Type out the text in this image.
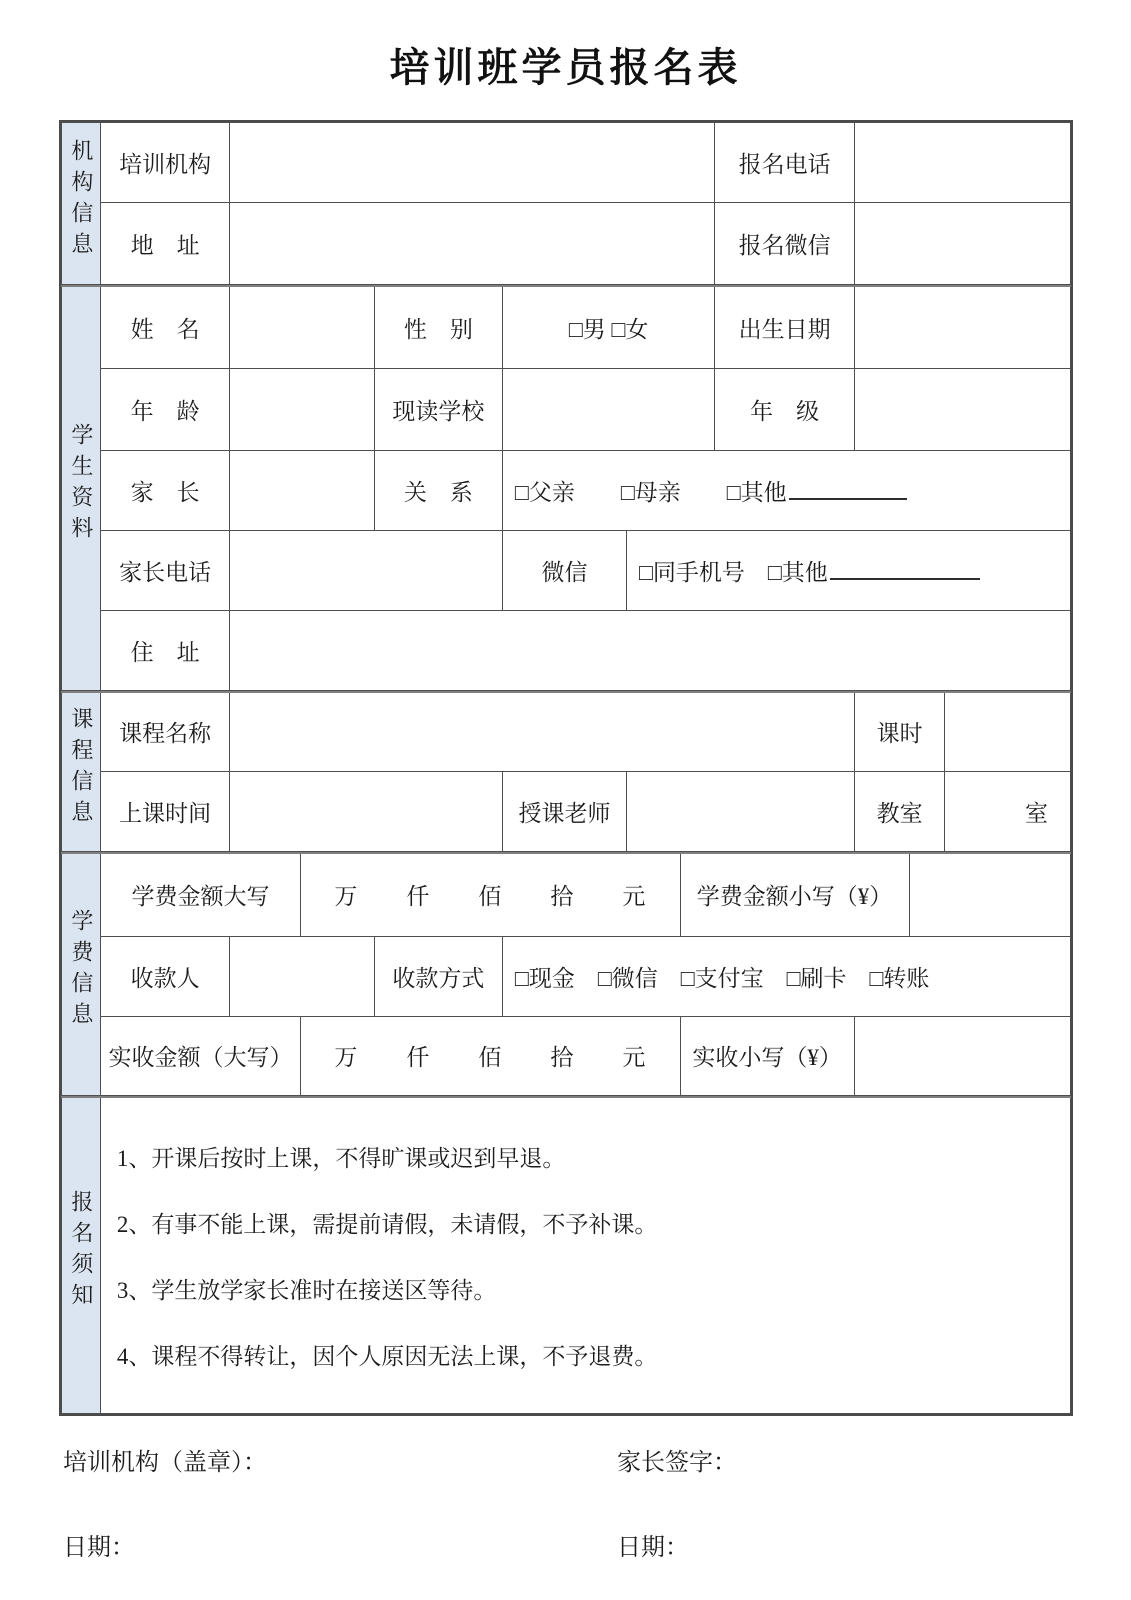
培训班学员报名表
机构信息	培训机构		报名电话	
	地　址		报名微信	
学生资料	姓　名		性　别	□男 □女		出生日期	
	年　龄		现读学校			年　级	
	家　长		关　系	□父亲　　□母亲　　□其他			
	家长电话			微信	□同手机号　□其他		
	住　址						
课程信息	课程名称				课时	
	上课时间		授课老师		教室	室
学费信息	学费金额大写		万　　仟　　佰　　拾　　元			学费金额小写（¥）		
	收款人			收款方式	□现金　□微信　□支付宝　□刷卡　□转账			
	实收金额（大写）		万　　仟　　佰　　拾　　元			实收小写（¥）		
报名须知	

1、开课后按时上课，不得旷课或迟到早退。

2、有事不能上课，需提前请假，未请假，不予补课。

3、学生放学家长准时在接送区等待。

4、课程不得转让，因个人原因无法上课，不予退费。

培训机构（盖章）：
日期：
家长签字：
日期：
